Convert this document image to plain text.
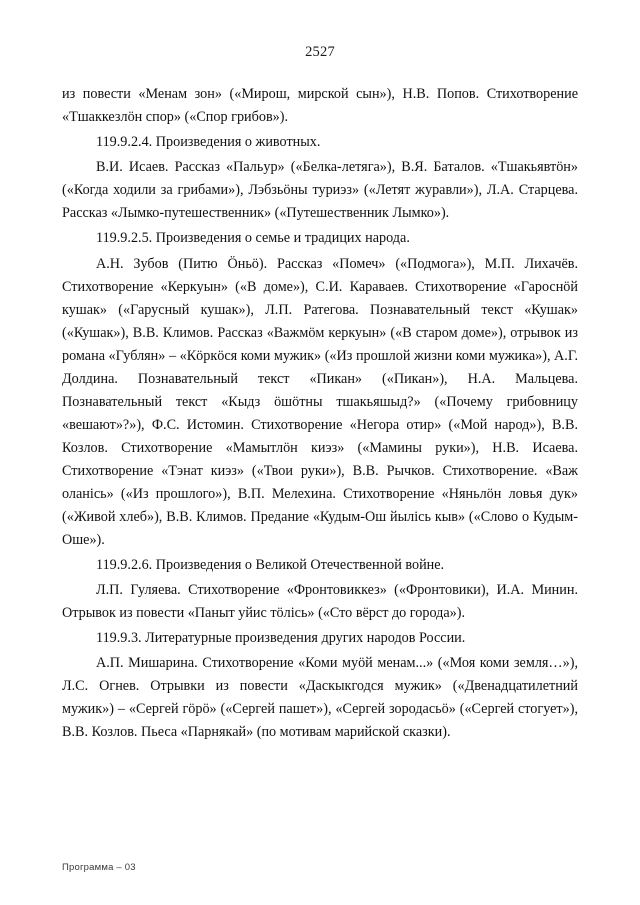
2527

из повести «Менам зон» («Мирош, мирской сын»), Н.В. Попов. Стихотворение «Тшаккезлöн спор» («Спор грибов»).

119.9.2.4. Произведения о животных.

В.И. Исаев. Рассказ «Пальур» («Белка-летяга»), В.Я. Баталов. «Тшакьявтöн» («Когда ходили за грибами»), Лэбзьöны туриэз» («Летят журавли»), Л.А. Старцева. Рассказ «Лымко-путешественник» («Путешественник Лымко»).

119.9.2.5. Произведения о семье и традицих народа.

А.Н. Зубов (Питю Öньö). Рассказ «Помеч» («Подмога»), М.П. Лихачёв. Стихотворение «Керкуын» («В доме»), С.И. Караваев. Стихотворение «Гароснöй кушак» («Гарусный кушак»), Л.П. Ратегова. Познавательный текст «Кушак» («Кушак»), В.В. Климов. Рассказ «Важмöм керкуын» («В старом доме»), отрывок из романа «Гублян» – «Кöркöся коми мужик» («Из прошлой жизни коми мужика»), А.Г. Долдина. Познавательный текст «Пикан» («Пикан»), Н.А. Мальцева. Познавательный текст «Кыдз öшöтны тшакьяшыд?» («Почему грибовницу «вешают»?»), Ф.С. Истомин. Стихотворение «Негора отир» («Мой народ»), В.В. Козлов. Стихотворение «Мамытлöн киэз» («Мамины руки»), Н.В. Исаева. Стихотворение «Тэнат киэз» («Твои руки»), В.В. Рычков. Стихотворение. «Важ оланісь» («Из прошлого»), В.П. Мелехина. Стихотворение «Няньлöн ловья дук» («Живой хлеб»), В.В. Климов. Предание «Кудым-Ош йылісь кыв» («Слово о Кудым-Оше»).

119.9.2.6. Произведения о Великой Отечественной войне.

Л.П. Гуляева. Стихотворение «Фронтовиккез» («Фронтовики), И.А. Минин. Отрывок из повести «Паныт уйис тöлісь» («Сто вёрст до города»).

119.9.3. Литературные произведения других народов России.

А.П. Мишарина. Стихотворение «Коми муöй менам...» («Моя коми земля…»), Л.С. Огнев. Отрывки из повести «Даскыкгодся мужик» («Двенадцатилетний мужик») – «Сергей гöрö» («Сергей пашет»), «Сергей зородасьö» («Сергей стогует»), В.В. Козлов. Пьеса «Парнякай» (по мотивам марийской сказки).

Программа – 03
